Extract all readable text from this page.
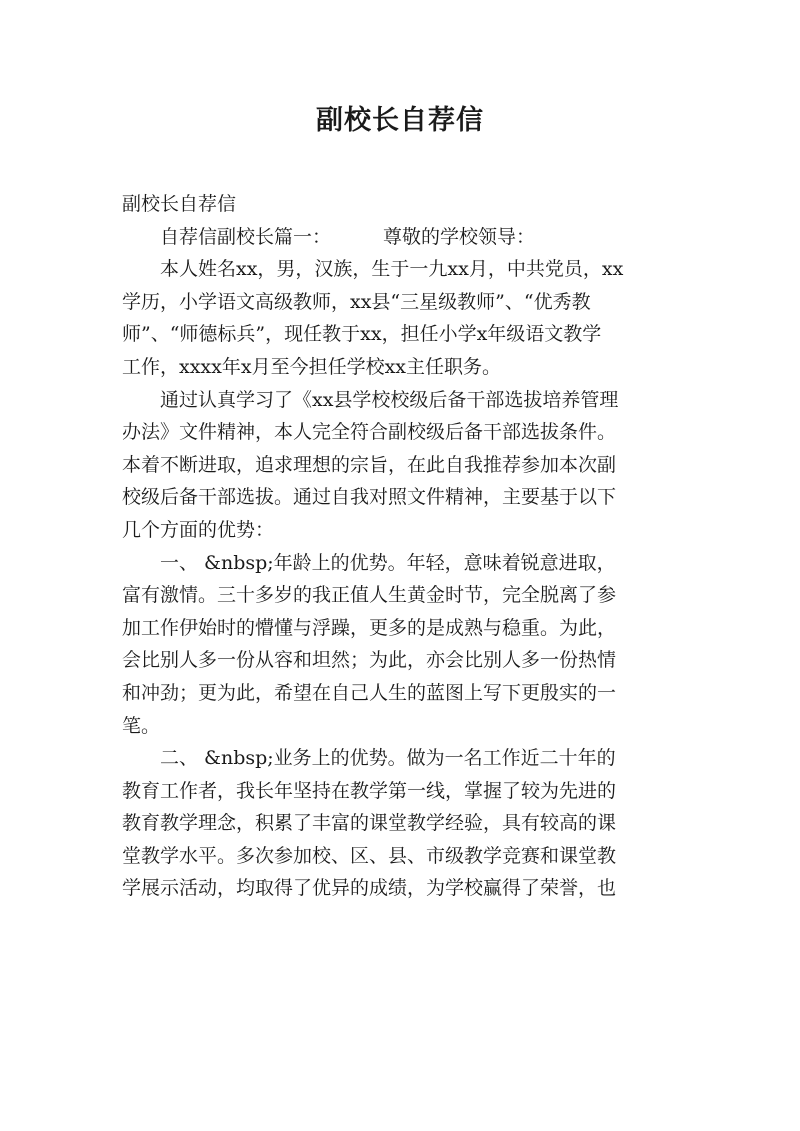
副校长自荐信
副校长自荐信
自荐信副校长篇一：	尊敬的学校领导：
本人姓名xx，男，汉族，生于一九xx月，中共党员，xx
学历，小学语文高级教师，xx县“三星级教师”、“优秀教
师”、“师德标兵”，现任教于xx，担任小学x年级语文教学
工作，xxxx年x月至今担任学校xx主任职务。
通过认真学习了《xx县学校校级后备干部选拔培养管理
办法》文件精神，本人完全符合副校级后备干部选拔条件。
本着不断进取，追求理想的宗旨，在此自我推荐参加本次副
校级后备干部选拔。通过自我对照文件精神，主要基于以下
几个方面的优势：
一、 &nbsp;年龄上的优势。年轻，意味着锐意进取，
富有激情。三十多岁的我正值人生黄金时节，完全脱离了参
加工作伊始时的懵懂与浮躁，更多的是成熟与稳重。为此，
会比别人多一份从容和坦然；为此，亦会比别人多一份热情
和冲劲；更为此，希望在自己人生的蓝图上写下更殷实的一
笔。
二、 &nbsp;业务上的优势。做为一名工作近二十年的
教育工作者，我长年坚持在教学第一线，掌握了较为先进的
教育教学理念，积累了丰富的课堂教学经验，具有较高的课
堂教学水平。多次参加校、区、县、市级教学竞赛和课堂教
学展示活动，均取得了优异的成绩，为学校赢得了荣誉，也
